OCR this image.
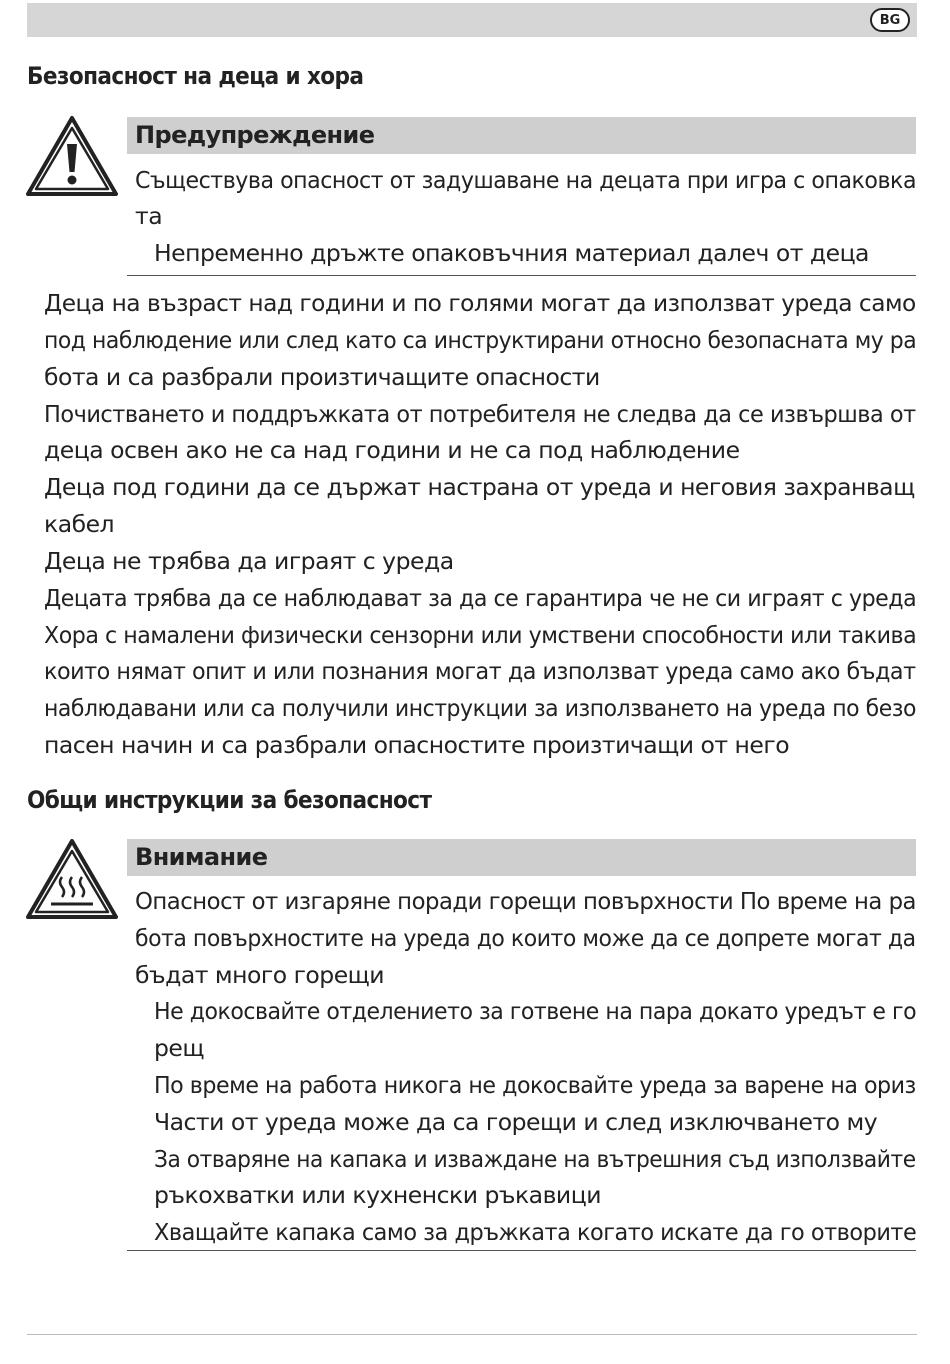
BG
Безопасност на деца и хора
Предупреждение
Съществува опасност от задушаване на децата при игра с опаковка
та
Непременно дръжте опаковъчния материал далеч от деца
Деца на възраст над години и по голями могат да използват уреда само
под наблюдение или след като са инструктирани относно безопасната му ра
бота и са разбрали произтичащите опасности
Почистването и поддръжката от потребителя не следва да се извършва от
деца освен ако не са над години и не са под наблюдение
Деца под години да се държат настрана от уреда и неговия захранващ
кабел
Деца не трябва да играят с уреда
Децата трябва да се наблюдават за да се гарантира че не си играят с уреда
Хора с намалени физически сензорни или умствени способности или такива
които нямат опит и или познания могат да използват уреда само ако бъдат
наблюдавани или са получили инструкции за използването на уреда по безо
пасен начин и са разбрали опасностите произтичащи от него
Общи инструкции за безопасност
Внимание
Опасност от изгаряне поради горещи повърхности По време на ра
бота повърхностите на уреда до които може да се допрете могат да
бъдат много горещи
Не докосвайте отделението за готвене на пара докато уредът е го
рещ
По време на работа никога не докосвайте уреда за варене на ориз
Части от уреда може да са горещи и след изключването му
За отваряне на капака и изваждане на вътрешния съд използвайте
ръкохватки или кухненски ръкавици
Хващайте капака само за дръжката когато искате да го отворите
